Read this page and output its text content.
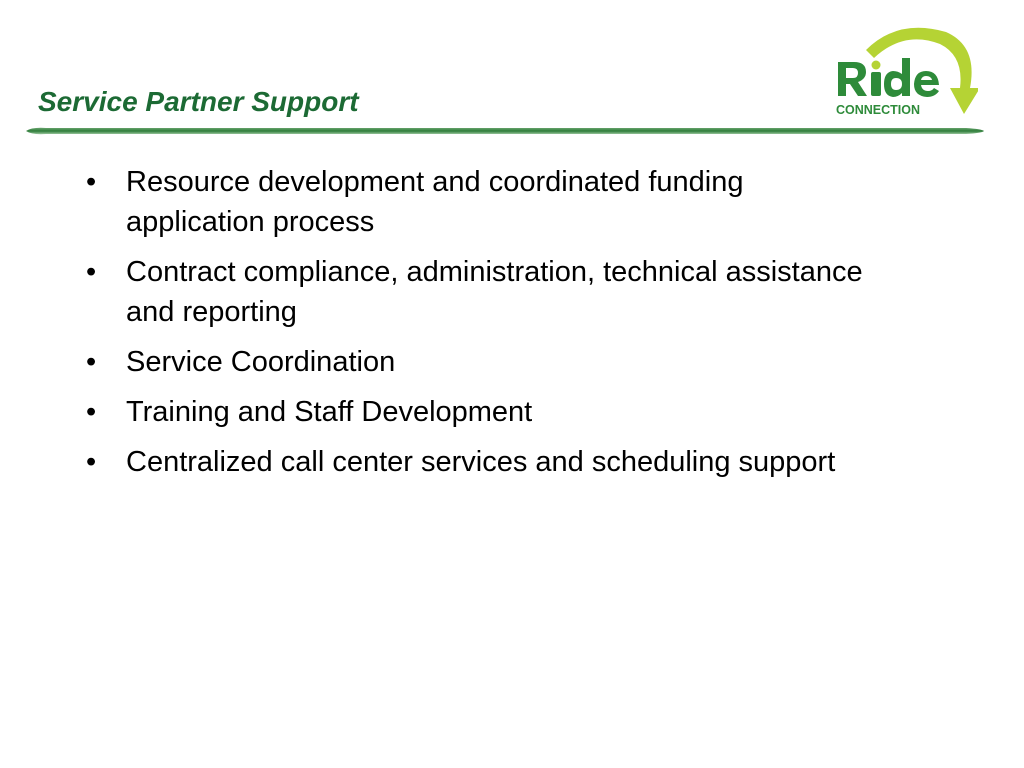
Service Partner Support	CONNECTION
•	Resource development and coordinated funding application process
•	Contract compliance, administration, technical assistance and reporting
•	Service Coordination
•	Training and Staff Development
•	Centralized call center services and scheduling support
